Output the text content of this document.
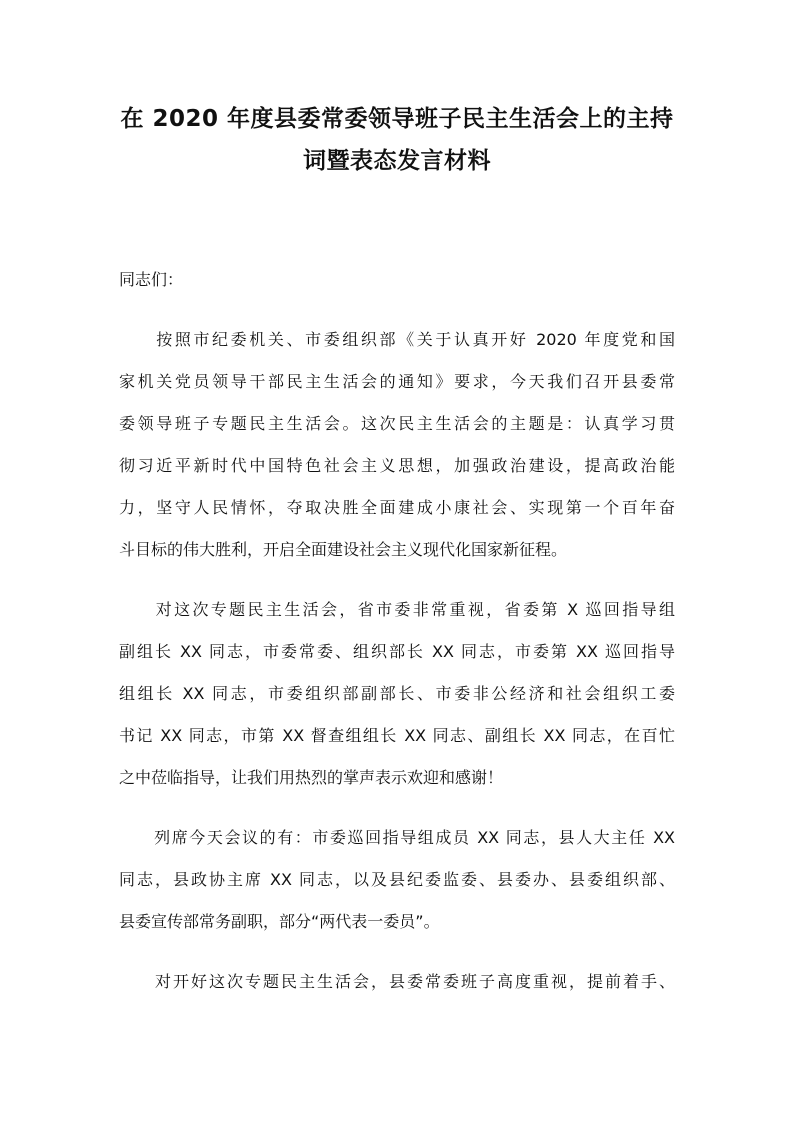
在 2020 年度县委常委领导班子民主生活会上的主持
词暨表态发言材料
同志们：
　　按照市纪委机关、市委组织部《关于认真开好 2020 年度党和国
家机关党员领导干部民主生活会的通知》要求，今天我们召开县委常
委领导班子专题民主生活会。这次民主生活会的主题是：认真学习贯
彻习近平新时代中国特色社会主义思想，加强政治建设，提高政治能
力，坚守人民情怀，夺取决胜全面建成小康社会、实现第一个百年奋
斗目标的伟大胜利，开启全面建设社会主义现代化国家新征程。
　　对这次专题民主生活会，省市委非常重视，省委第 X 巡回指导组
副组长 XX 同志，市委常委、组织部长 XX 同志，市委第 XX 巡回指导
组组长 XX 同志，市委组织部副部长、市委非公经济和社会组织工委
书记 XX 同志，市第 XX 督查组组长 XX 同志、副组长 XX 同志，在百忙
之中莅临指导，让我们用热烈的掌声表示欢迎和感谢！
　　列席今天会议的有：市委巡回指导组成员 XX 同志，县人大主任 XX
同志，县政协主席 XX 同志，以及县纪委监委、县委办、县委组织部、
县委宣传部常务副职，部分“两代表一委员”。
　　对开好这次专题民主生活会，县委常委班子高度重视，提前着手、
